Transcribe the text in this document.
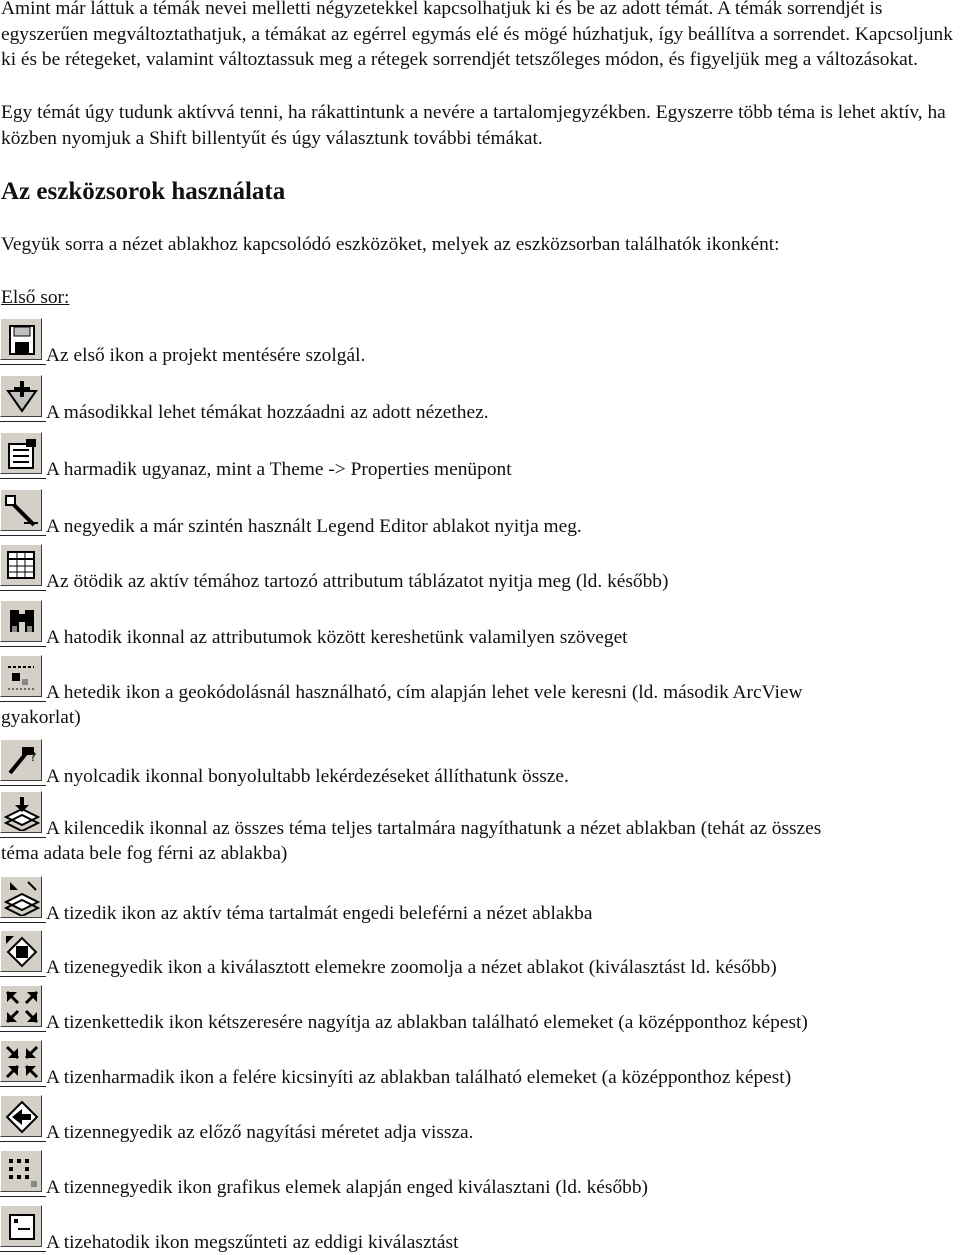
Amint már láttuk a témák nevei melletti négyzetekkel kapcsolhatjuk ki és be az adott témát. A témák sorrendjét is egyszerűen megváltoztathatjuk, a témákat az egérrel egymás elé és mögé húzhatjuk, így beállítva a sorrendet. Kapcsoljunk ki és be rétegeket, valamint változtassuk meg a rétegek sorrendjét tetszőleges módon, és figyeljük meg a változásokat.

Egy témát úgy tudunk aktívvá tenni, ha rákattintunk a nevére a tartalomjegyzékben. Egyszerre több téma is lehet aktív, ha közben nyomjuk a Shift billentyűt és úgy választunk további témákat.

Az eszközsorok használata

Vegyük sorra a nézet ablakhoz kapcsolódó eszközöket, melyek az eszközsorban találhatók ikonként:

Első sor:
Az első ikon a projekt mentésére szolgál.
A másodikkal lehet témákat hozzáadni az adott nézethez.
A harmadik ugyanaz, mint a Theme -> Properties menüpont
A negyedik a már szintén használt Legend Editor ablakot nyitja meg.
Az ötödik az aktív témához tartozó attributum táblázatot nyitja meg (ld. később)
A hatodik ikonnal az attributumok között kereshetünk valamilyen szöveget
A hetedik ikon a geokódolásnál használható, cím alapján lehet vele keresni (ld. második ArcView
gyakorlat)
?
A nyolcadik ikonnal bonyolultabb lekérdezéseket állíthatunk össze.
A kilencedik ikonnal az összes téma teljes tartalmára nagyíthatunk a nézet ablakban (tehát az összes
téma adata bele fog férni az ablakba)
A tizedik ikon az aktív téma tartalmát engedi beleférni a nézet ablakba
A tizenegyedik ikon a kiválasztott elemekre zoomolja a nézet ablakot (kiválasztást ld. később)
A tizenkettedik ikon kétszeresére nagyítja az ablakban található elemeket (a középponthoz képest)
A tizenharmadik ikon a felére kicsinyíti az ablakban található elemeket (a középponthoz képest)
A tizennegyedik az előző nagyítási méretet adja vissza.
A tizennegyedik ikon grafikus elemek alapján enged kiválasztani (ld. később)
A tizehatodik ikon megszűnteti az eddigi kiválasztást
